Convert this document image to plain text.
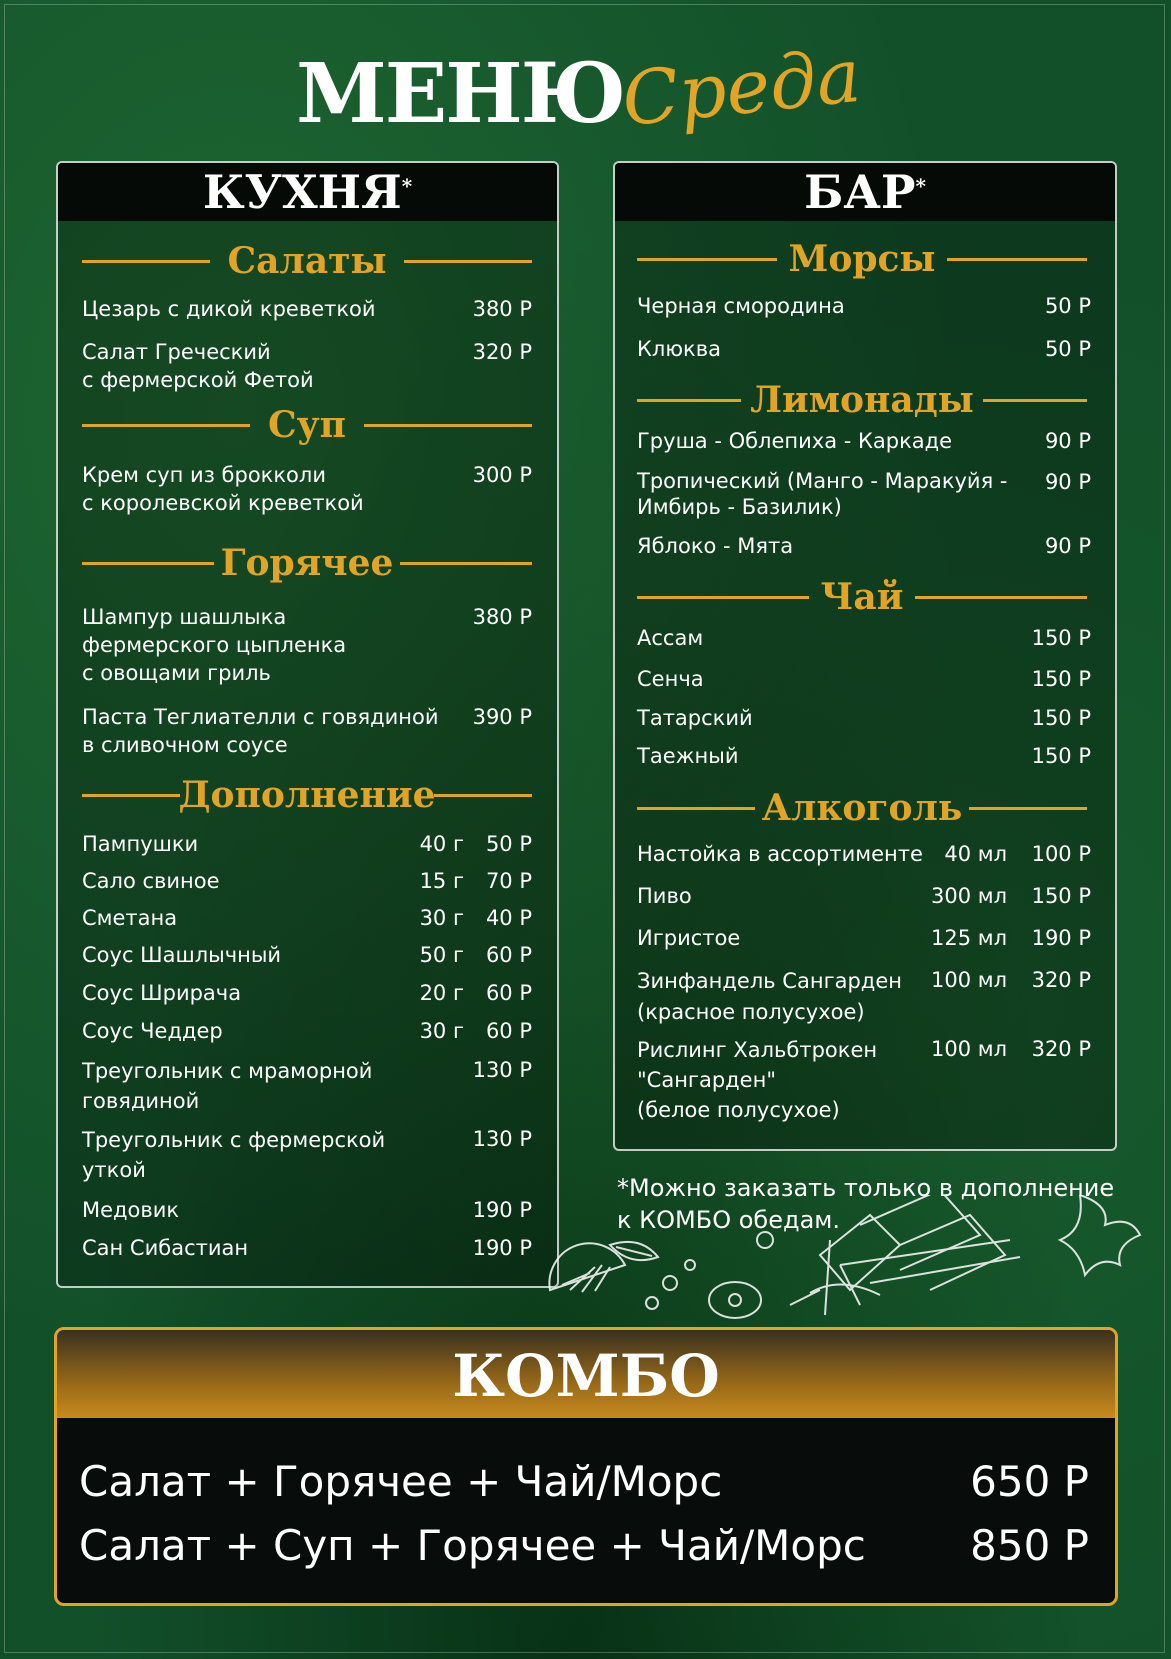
МЕНЮ
Среда
КУХНЯ*
Салаты
Цезарь с дикой креветкой	380 Р
Салат Греческий
с фермерской Фетой
320 Р
Суп
Крем суп из брокколи
с королевской креветкой
300 Р
Горячее
Шампур шашлыка
фермерского цыпленка
с овощами гриль
380 Р
Паста Теглиателли с говядиной
в сливочном соусе
390 Р
Дополнение
Пампушки	40 г 50 Р
Сало свиное	15 г 70 Р
Сметана	30 г 40 Р
Соус Шашлычный	50 г 60 Р
Соус Шрирача	20 г 60 Р
Соус Чеддер	30 г 60 Р
Треугольник с мраморной
говядиной
130 Р
Треугольник с фермерской
уткой
130 Р
Медовик	190 Р
Сан Сибастиан	190 Р
БАР*
Морсы
Черная смородина	50 Р
Клюква	50 Р
Лимонады
Груша - Облепиха - Каркаде	90 Р
Тропический (Манго - Маракуйя -
Имбирь - Базилик)
90 Р
Яблоко - Мята	90 Р
Чай
Ассам	150 Р
Сенча	150 Р
Татарский	150 Р
Таежный	150 Р
Алкоголь
Настойка в ассортименте 40 мл 100 Р
Пиво	300 мл 150 Р
Игристое	125 мл 190 Р
Зинфандель Сангарден
(красное полусухое)
100 мл 320 Р
Рислинг Хальбтрокен
"Сангарден"
(белое полусухое)
100 мл 320 Р
*Можно заказать только в дополнение
к КОМБО обедам.
КОМБО
Салат + Горячее + Чай/Морс	650 Р
Салат + Суп + Горячее + Чай/Морс 850 Р
